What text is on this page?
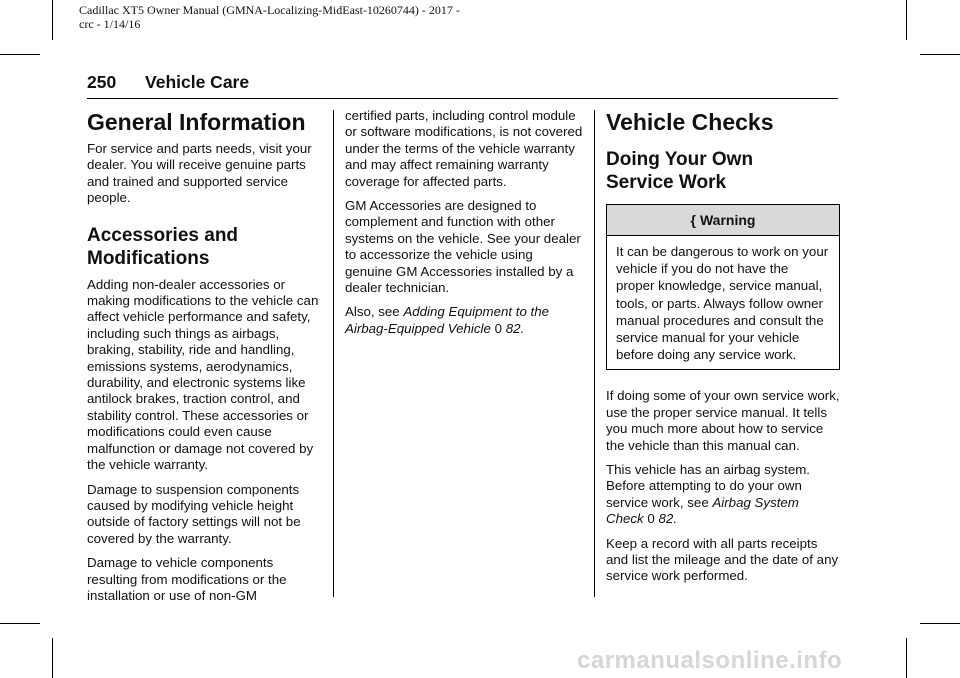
Cadillac XT5 Owner Manual (GMNA-Localizing-MidEast-10260744) - 2017 -
crc - 1/14/16
250 Vehicle Care
General Information

For service and parts needs, visit your dealer. You will receive genuine parts and trained and supported service people.

Accessories and
Modifications

Adding non-dealer accessories or making modifications to the vehicle can affect vehicle performance and safety, including such things as airbags, braking, stability, ride and handling, emissions systems, aerodynamics, durability, and electronic systems like antilock brakes, traction control, and stability control. These accessories or modifications could even cause malfunction or damage not covered by the vehicle warranty.

Damage to suspension components caused by modifying vehicle height outside of factory settings will not be covered by the warranty.

Damage to vehicle components resulting from modifications or the installation or use of non-GM

certified parts, including control module or software modifications, is not covered under the terms of the vehicle warranty and may affect remaining warranty coverage for affected parts.

GM Accessories are designed to complement and function with other systems on the vehicle. See your dealer to accessorize the vehicle using genuine GM Accessories installed by a dealer technician.

Also, see Adding Equipment to the Airbag-Equipped Vehicle 0 82.

Vehicle Checks
Doing Your Own
Service Work
{ Warning

It can be dangerous to work on your vehicle if you do not have the proper knowledge, service manual, tools, or parts. Always follow owner manual procedures and consult the service manual for your vehicle before doing any service work.

If doing some of your own service work, use the proper service manual. It tells you much more about how to service the vehicle than this manual can.

This vehicle has an airbag system. Before attempting to do your own service work, see Airbag System Check 0 82.

Keep a record with all parts receipts and list the mileage and the date of any service work performed.

carmanualsonline.info
